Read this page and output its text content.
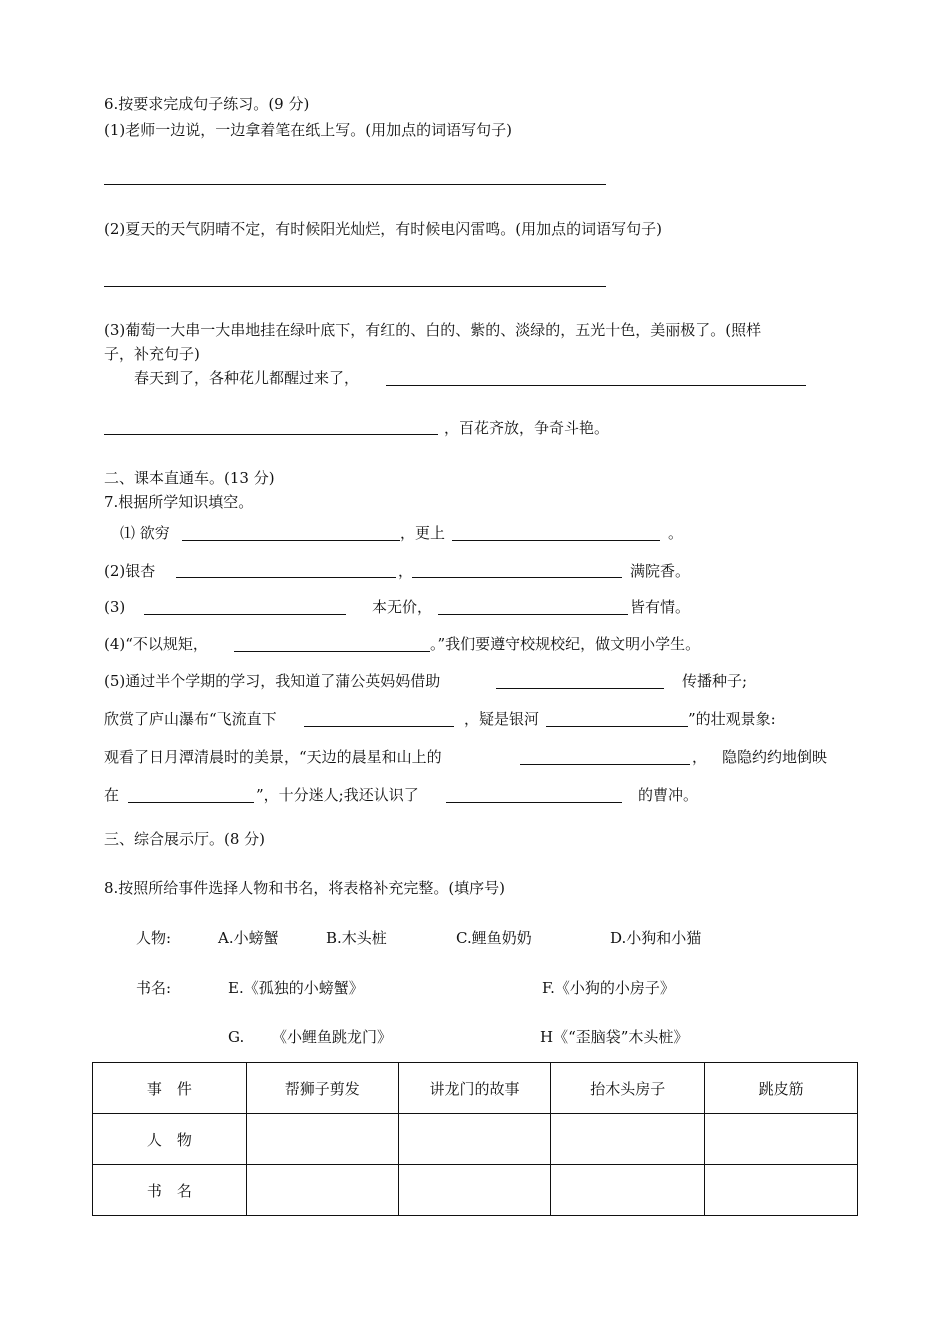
6.按要求完成句子练习。(9 分)
(1)老师一边说，一边拿着笔在纸上写。(用加点的词语写句子)
(2)夏天的天气阴晴不定，有时候阳光灿烂，有时候电闪雷鸣。(用加点的词语写句子)
(3)葡萄一大串一大串地挂在绿叶底下，有红的、白的、紫的、淡绿的，五光十色，美丽极了。(照样
子，补充句子)
春天到了，各种花儿都醒过来了，
，百花齐放，争奇斗艳。
二、课本直通车。(13 分)
7.根据所学知识填空。
⑴ 欲穷	，更上	。
(2)银杏	，	满院香。
(3)	本无价，	皆有情。
(4)“不以规矩，	。”我们要遵守校规校纪，做文明小学生。
(5)通过半个学期的学习，我知道了蒲公英妈妈借助	传播种子;
欣赏了庐山瀑布“飞流直下	，疑是银河	”的壮观景象:
观看了日月潭清晨时的美景，“天边的晨星和山上的	， 隐隐约约地倒映
在	”，十分迷人;我还认识了	的曹冲。
三、综合展示厅。(8 分)
8.按照所给事件选择人物和书名，将表格补充完整。(填序号)
人物:	A.小螃蟹	B.木头桩	C.鲤鱼奶奶	D.小狗和小猫
书名:	E.《孤独的小螃蟹》	F.《小狗的小房子》
G. 《小鲤鱼跳龙门》	H《“歪脑袋”木头桩》
事　件	帮狮子剪发	讲龙门的故事	抬木头房子	跳皮筋
人　物				
书　名				
